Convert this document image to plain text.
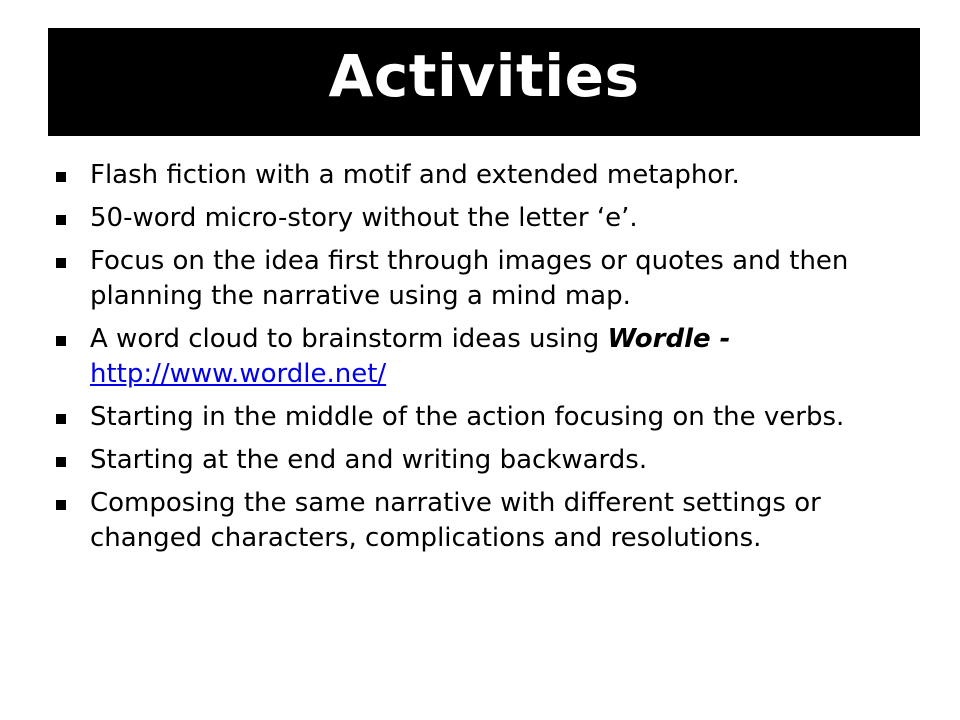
Activities
Flash fiction with a motif and extended metaphor.
50-word micro-story without the letter ‘e’.
Focus on the idea first through images or quotes and then planning the narrative using a mind map.
A word cloud to brainstorm ideas using Wordle - http://www.wordle.net/
Starting in the middle of the action focusing on the verbs.
Starting at the end and writing backwards.
Composing the same narrative with different settings or changed characters, complications and resolutions.
